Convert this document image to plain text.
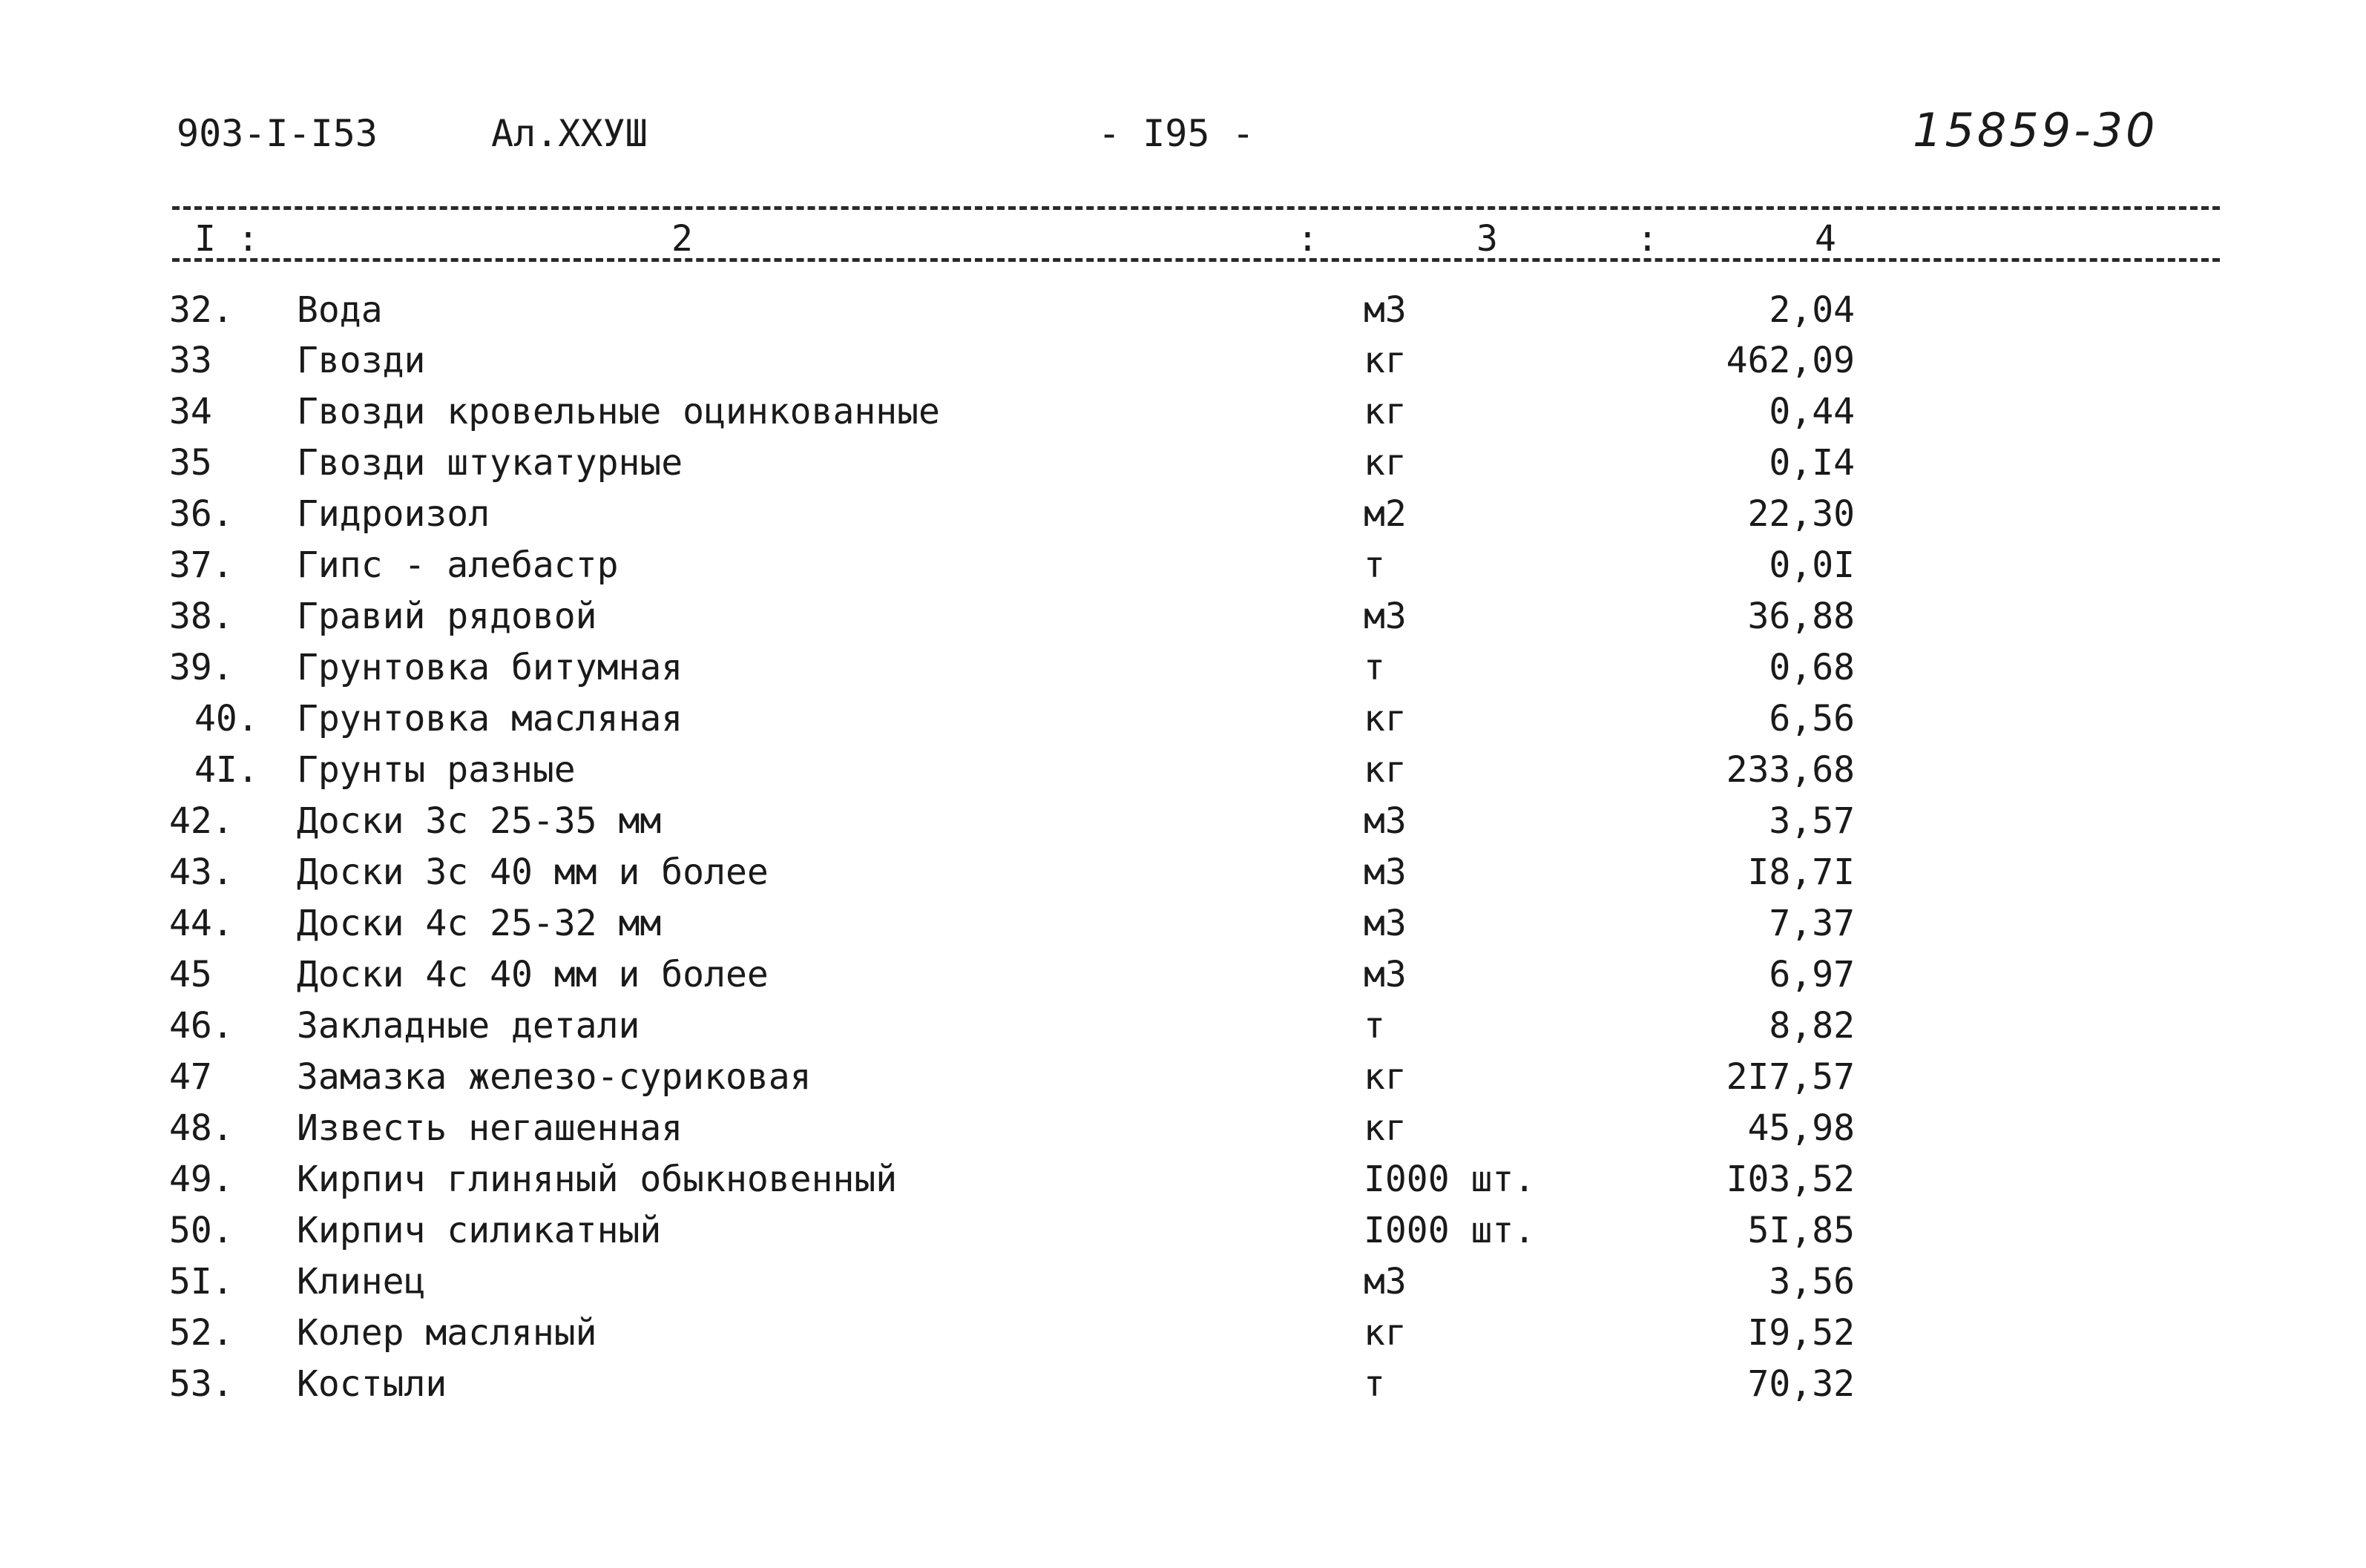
903-I-I53	Ал.XXУШ	- I95 -	15859-30
I :	2	:	3	:	4
32. Вода	м3	2,04
33 Гвозди	кг	462,09
34 Гвозди кровельные оцинкованные	кг	0,44
35 Гвозди штукатурные	кг	0,I4
36. Гидроизол	м2	22,30
37. Гипс - алебастр	т	0,0I
38. Гравий рядовой	м3	36,88
39. Грунтовка битумная	т	0,68
40. Грунтовка масляная	кг	6,56
4I. Грунты разные	кг	233,68
42. Доски 3с 25-35 мм	м3	3,57
43. Доски 3с 40 мм и более	м3	I8,7I
44. Доски 4с 25-32 мм	м3	7,37
45 Доски 4с 40 мм и более	м3	6,97
46. Закладные детали	т	8,82
47 Замазка железо-суриковая	кг	2I7,57
48. Известь негашенная	кг	45,98
49. Кирпич глиняный обыкновенный	I000 шт.	I03,52
50. Кирпич силикатный	I000 шт.	5I,85
5I. Клинец	м3	3,56
52. Колер масляный	кг	I9,52
53. Костыли	т	70,32
